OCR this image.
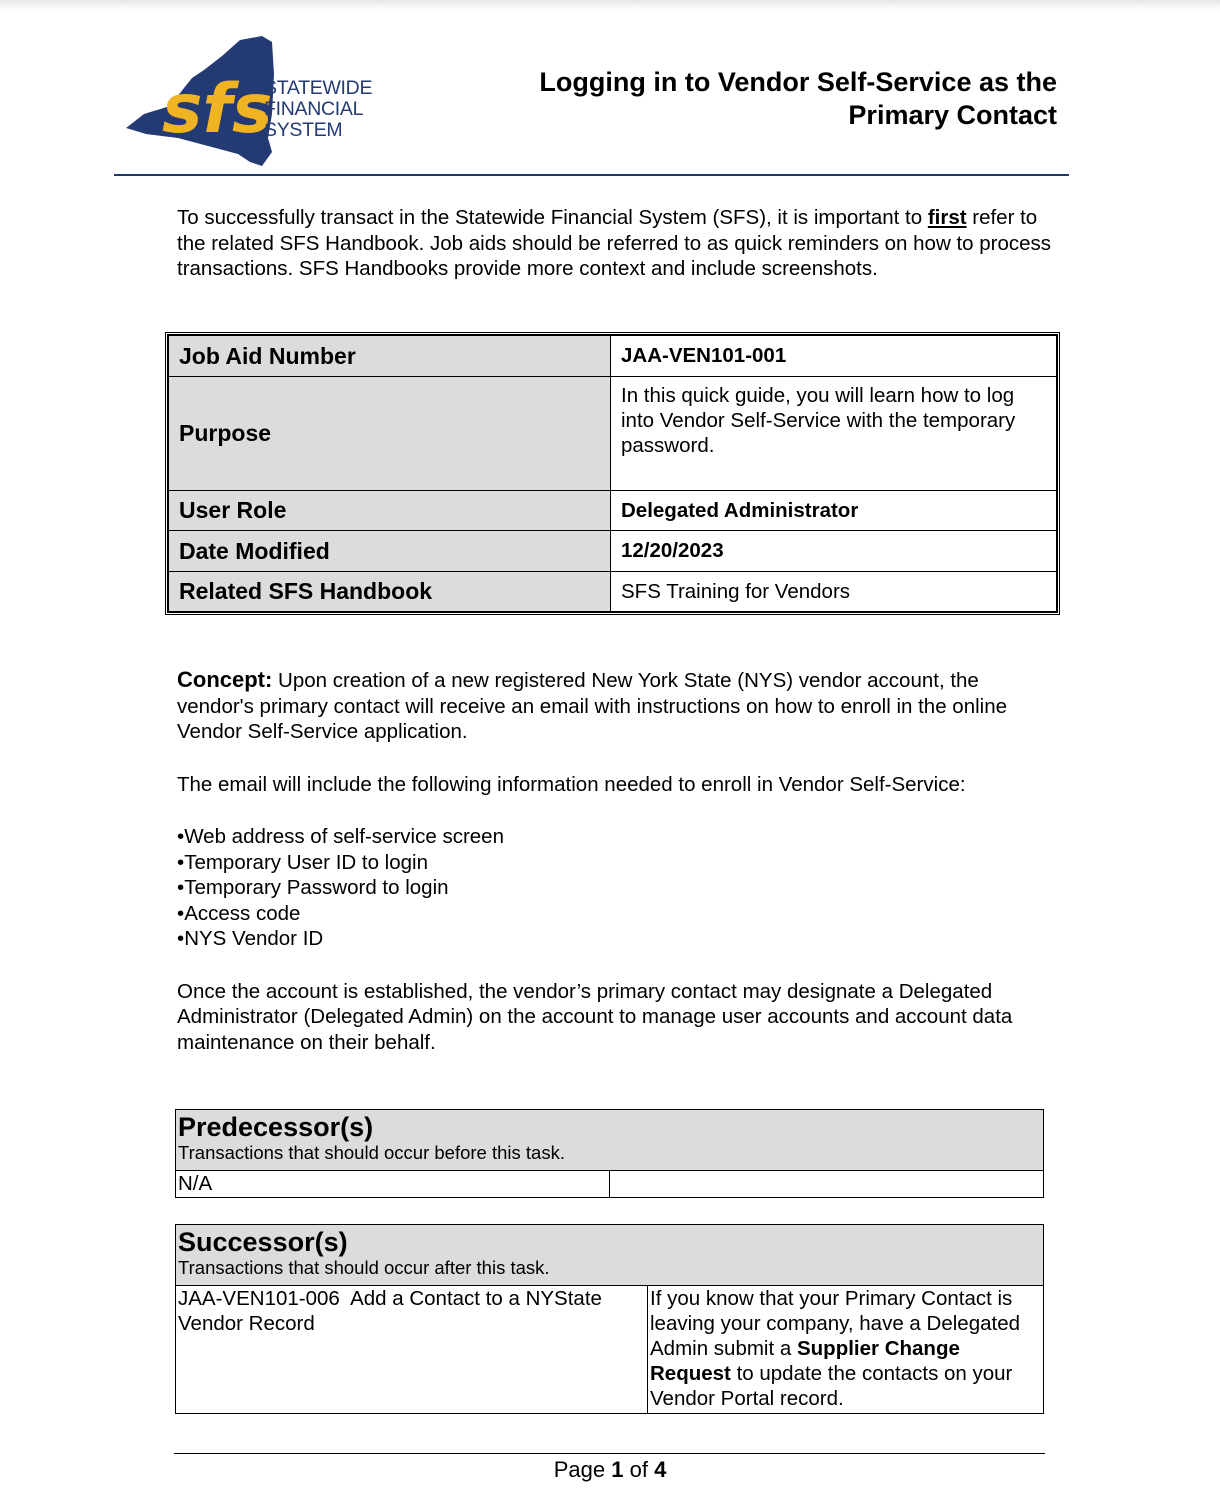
sfs
STATEWIDE
FINANCIAL
SYSTEM
Logging in to Vendor Self-Service as the
Primary Contact
To successfully transact in the Statewide Financial System (SFS), it is important to first refer to the related SFS Handbook. Job aids should be referred to as quick reminders on how to process transactions. SFS Handbooks provide more context and include screenshots.
Job Aid Number	JAA-VEN101-001
Purpose	In this quick guide, you will learn how to log into Vendor Self-Service with the temporary password.
User Role	Delegated Administrator
Date Modified	12/20/2023
Related SFS Handbook	SFS Training for Vendors

Concept: Upon creation of a new registered New York State (NYS) vendor account, the vendor's primary contact will receive an email with instructions on how to enroll in the online Vendor Self-Service application.

The email will include the following information needed to enroll in Vendor Self-Service:

• Web address of self-service screen
• Temporary User ID to login
• Temporary Password to login
• Access code
• NYS Vendor ID

Once the account is established, the vendor’s primary contact may designate a Delegated Administrator (Delegated Admin) on the account to manage user accounts and account data maintenance on their behalf.

Predecessor(s)
Transactions that should occur before this task.

N/A	
Successor(s)
Transactions that should occur after this task.

JAA-VEN101-006  Add a Contact to a NYState Vendor Record	If you know that your Primary Contact is leaving your company, have a Delegated Admin submit a Supplier Change Request to update the contacts on your Vendor Portal record.
Page 1 of 4
